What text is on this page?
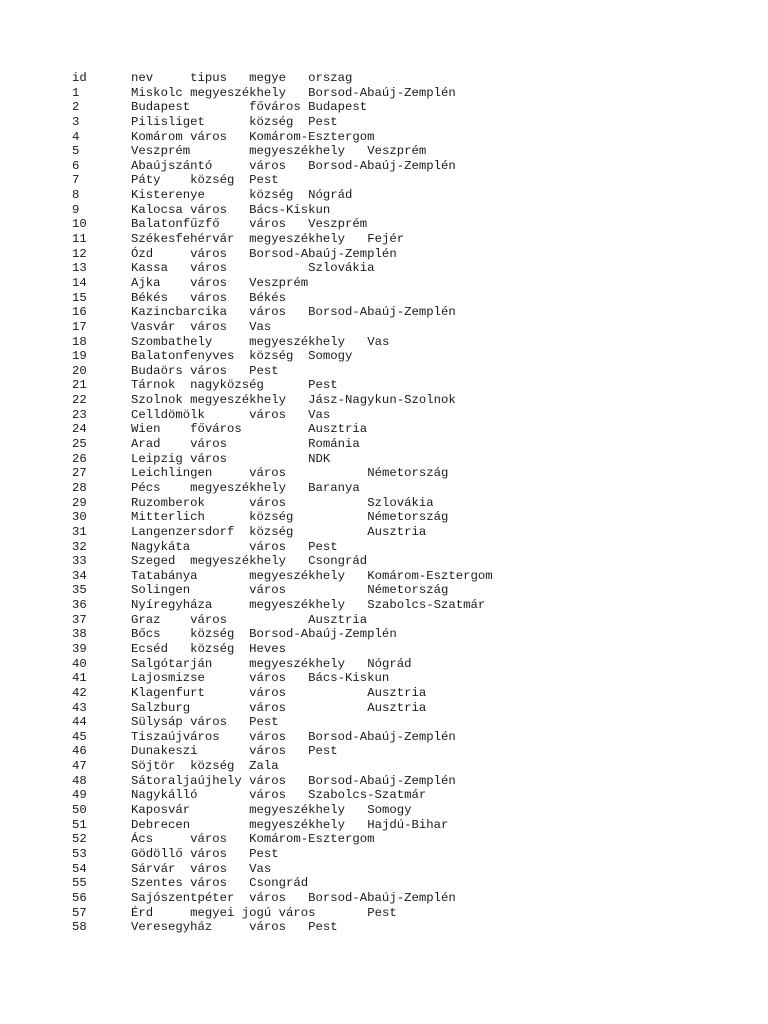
id	nev	tipus	megye	orszag
1	Miskolc	megyeszékhely	Borsod-Abaúj-Zemplén
2	Budapest	főváros	Budapest
3	Pilisliget	község	Pest
4	Komárom	város	Komárom-Esztergom
5	Veszprém	megyeszékhely	Veszprém
6	Abaújszántó	város	Borsod-Abaúj-Zemplén
7	Páty	község	Pest
8	Kisterenye	község	Nógrád
9	Kalocsa	város	Bács-Kiskun
10	Balatonfűzfő	város	Veszprém
11	Székesfehérvár	megyeszékhely	Fejér
12	Ózd	város	Borsod-Abaúj-Zemplén
13	Kassa	város		Szlovákia
14	Ajka	város	Veszprém
15	Békés	város	Békés
16	Kazincbarcika	város	Borsod-Abaúj-Zemplén
17	Vasvár	város	Vas
18	Szombathely	megyeszékhely	Vas
19	Balatonfenyves	község	Somogy
20	Budaörs	város	Pest
21	Tárnok	nagyközség	Pest
22	Szolnok	megyeszékhely	Jász-Nagykun-Szolnok
23	Celldömölk	város	Vas
24	Wien	főváros		Ausztria
25	Arad	város		Románia
26	Leipzig	város		NDK
27	Leichlingen	város		Németország
28	Pécs	megyeszékhely	Baranya
29	Ruzomberok	város		Szlovákia
30	Mitterlich	község		Németország
31	Langenzersdorf	község		Ausztria
32	Nagykáta	város	Pest
33	Szeged	megyeszékhely	Csongrád
34	Tatabánya	megyeszékhely	Komárom-Esztergom
35	Solingen	város		Németország
36	Nyíregyháza	megyeszékhely	Szabolcs-Szatmár
37	Graz	város		Ausztria
38	Bőcs	község	Borsod-Abaúj-Zemplén
39	Ecséd	község	Heves
40	Salgótarján	megyeszékhely	Nógrád
41	Lajosmizse	város	Bács-Kiskun
42	Klagenfurt	város		Ausztria
43	Salzburg	város		Ausztria
44	Sülysáp	város	Pest
45	Tiszaújváros	város	Borsod-Abaúj-Zemplén
46	Dunakeszi	város	Pest
47	Söjtör	község	Zala
48	Sátoraljaújhely	város	Borsod-Abaúj-Zemplén
49	Nagykálló	város	Szabolcs-Szatmár
50	Kaposvár	megyeszékhely	Somogy
51	Debrecen	megyeszékhely	Hajdú-Bihar
52	Ács	város	Komárom-Esztergom
53	Gödöllő	város	Pest
54	Sárvár	város	Vas
55	Szentes	város	Csongrád
56	Sajószentpéter	város	Borsod-Abaúj-Zemplén
57	Érd	megyei jogú város	Pest
58	Veresegyház	város	Pest
